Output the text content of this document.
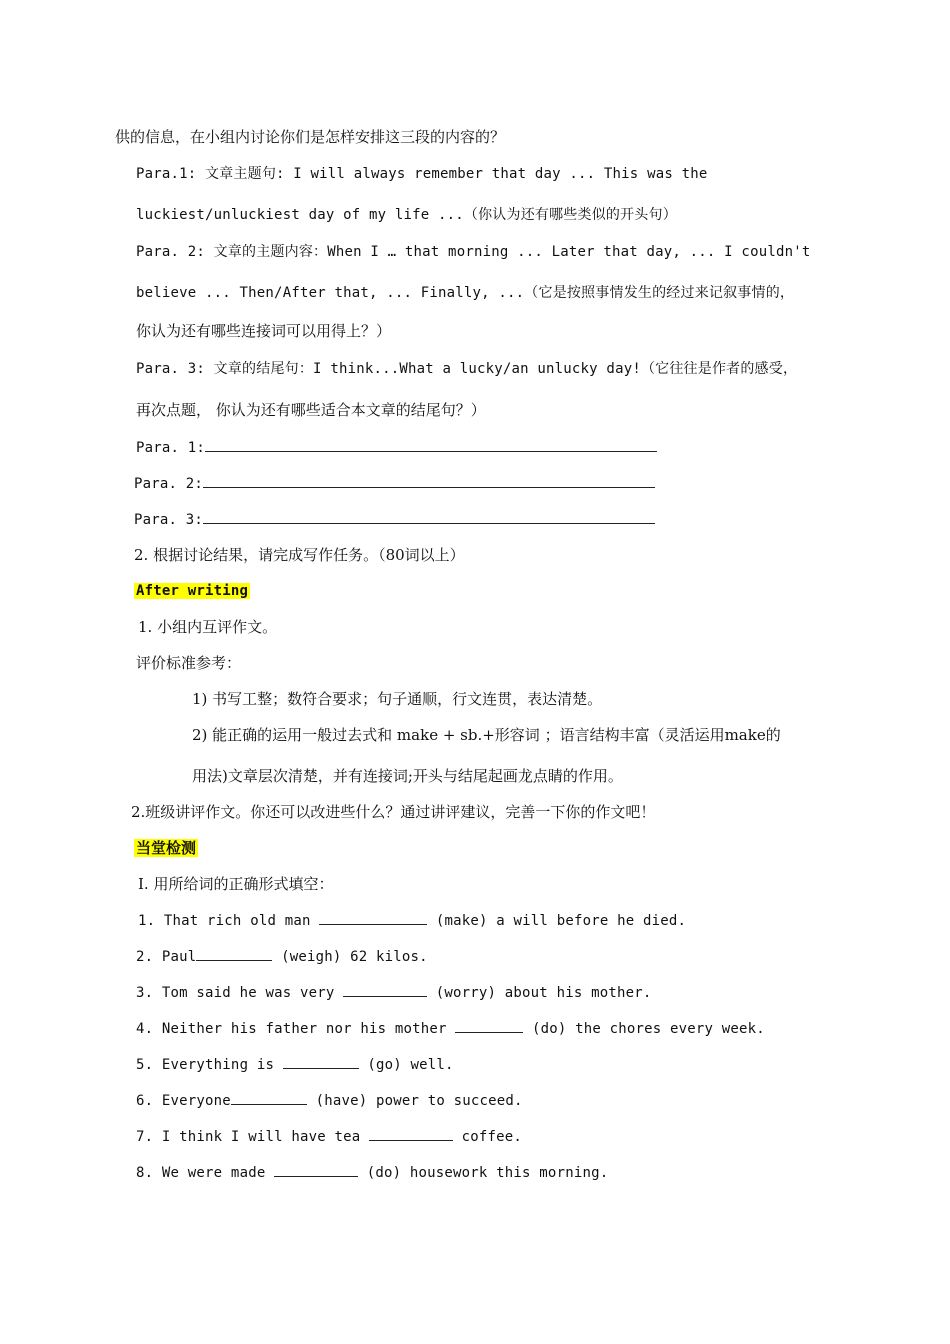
供的信息，在小组内讨论你们是怎样安排这三段的内容的？
Para.1: 文章主题句: I will always remember that day ... This was the
luckiest/unluckiest day of my life ...（你认为还有哪些类似的开头句）
Para. 2: 文章的主题内容：When I … that morning ... Later that day, ... I couldn't
believe ... Then/After that, ... Finally, ...（它是按照事情发生的经过来记叙事情的，
你认为还有哪些连接词可以用得上？）
Para. 3: 文章的结尾句：I think...What a lucky/an unlucky day!（它往往是作者的感受，
再次点题， 你认为还有哪些适合本文章的结尾句？）
Para. 1:
Para. 2:
Para. 3:
2. 根据讨论结果，请完成写作任务。（80词以上）
After writing
1. 小组内互评作文。
评价标准参考：
1) 书写工整；数符合要求；句子通顺，行文连贯，表达清楚。
2) 能正确的运用一般过去式和 make + sb.+形容词 ；语言结构丰富（灵活运用make的
用法)文章层次清楚，并有连接词;开头与结尾起画龙点睛的作用。
2.班级讲评作文。你还可以改进些什么？通过讲评建议，完善一下你的作文吧！
当堂检测
Ⅰ. 用所给词的正确形式填空：
1. That rich old man	(make) a will before he died.
2. Paul	(weigh) 62 kilos.
3. Tom said he was very	(worry) about his mother.
4. Neither his father nor his mother	(do) the chores every week.
5. Everything is	(go) well.
6. Everyone	(have) power to succeed.
7. I think I will have tea	coffee.
8. We were made	(do) housework this morning.
